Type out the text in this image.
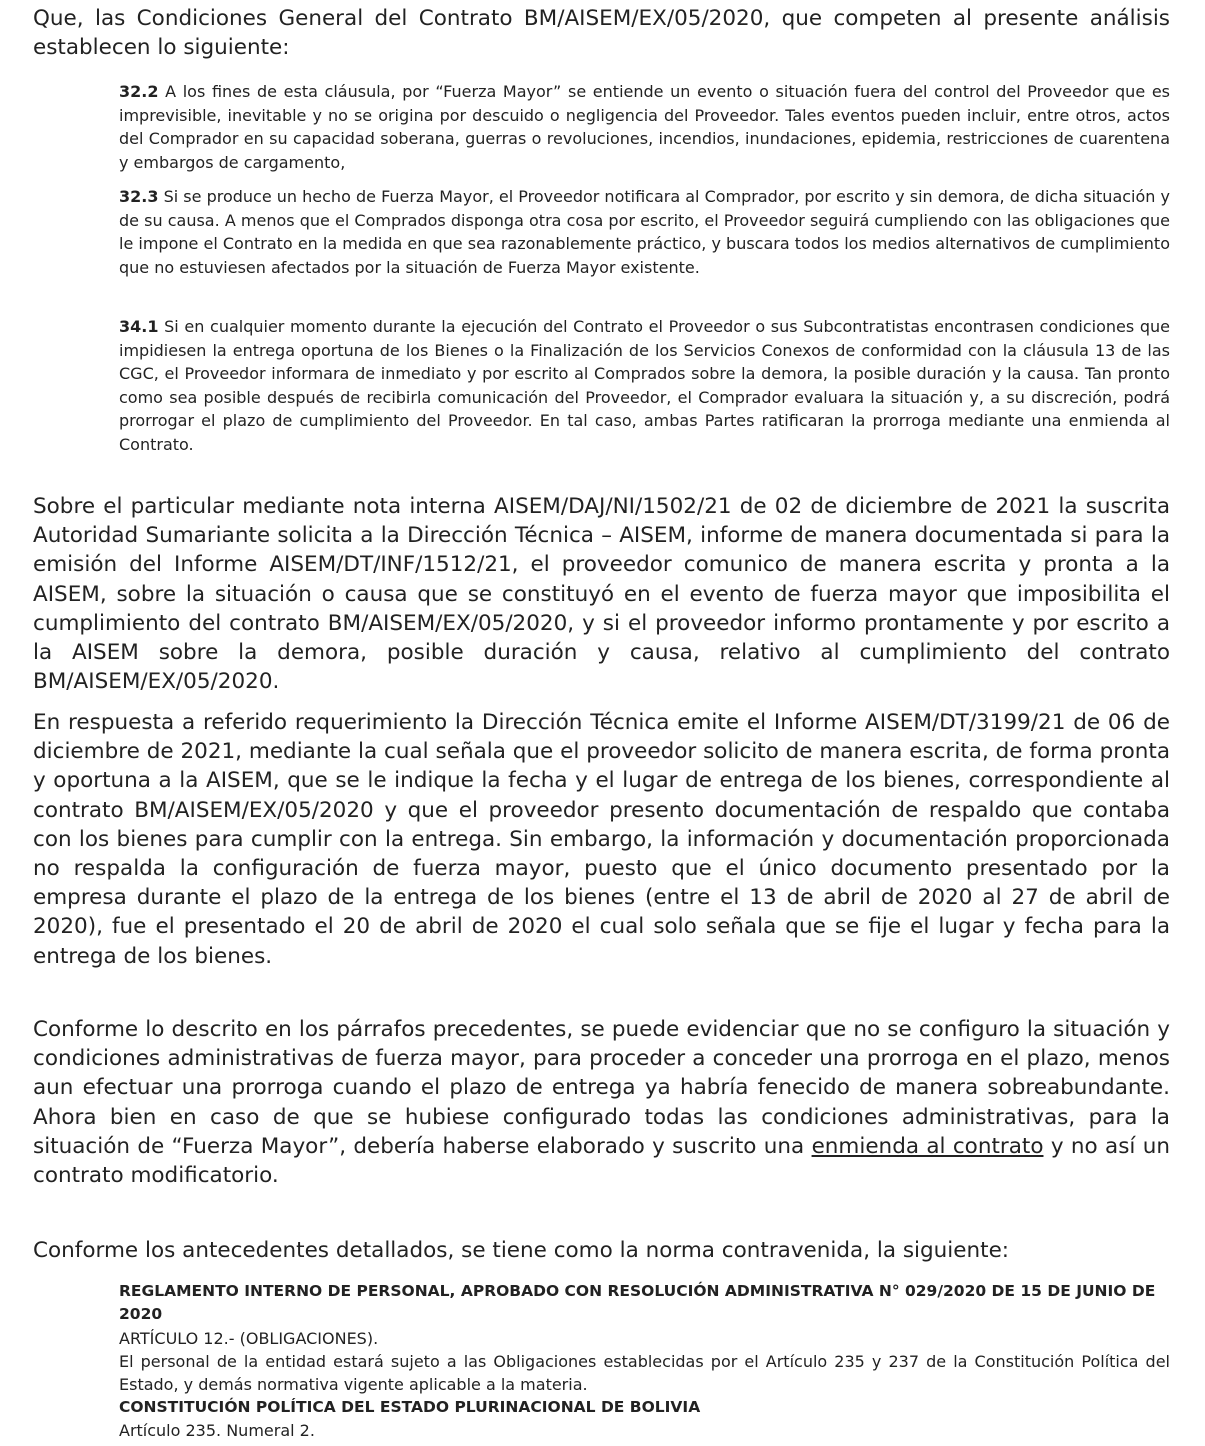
Que, las Condiciones General del Contrato BM/AISEM/EX/05/2020, que competen al presente análisis establecen lo siguiente:

32.2 A los fines de esta cláusula, por “Fuerza Mayor” se entiende un evento o situación fuera del control del Proveedor que es imprevisible, inevitable y no se origina por descuido o negligencia del Proveedor. Tales eventos pueden incluir, entre otros, actos del Comprador en su capacidad soberana, guerras o revoluciones, incendios, inundaciones, epidemia, restricciones de cuarentena y embargos de cargamento,

32.3 Si se produce un hecho de Fuerza Mayor, el Proveedor notificara al Comprador, por escrito y sin demora, de dicha situación y de su causa. A menos que el Comprados disponga otra cosa por escrito, el Proveedor seguirá cumpliendo con las obligaciones que le impone el Contrato en la medida en que sea razonablemente práctico, y buscara todos los medios alternativos de cumplimiento que no estuviesen afectados por la situación de Fuerza Mayor existente.

34.1 Si en cualquier momento durante la ejecución del Contrato el Proveedor o sus Subcontratistas encontrasen condiciones que impidiesen la entrega oportuna de los Bienes o la Finalización de los Servicios Conexos de conformidad con la cláusula 13 de las CGC, el Proveedor informara de inmediato y por escrito al Comprados sobre la demora, la posible duración y la causa. Tan pronto como sea posible después de recibirla comunicación del Proveedor, el Comprador evaluara la situación y, a su discreción, podrá prorrogar el plazo de cumplimiento del Proveedor. En tal caso, ambas Partes ratificaran la prorroga mediante una enmienda al Contrato.

Sobre el particular mediante nota interna AISEM/DAJ/NI/1502/21 de 02 de diciembre de 2021 la suscrita Autoridad Sumariante solicita a la Dirección Técnica – AISEM, informe de manera documentada si para la emisión del Informe AISEM/DT/INF/1512/21, el proveedor comunico de manera escrita y pronta a la AISEM, sobre la situación o causa que se constituyó en el evento de fuerza mayor que imposibilita el cumplimiento del contrato BM/AISEM/EX/05/2020, y si el proveedor informo prontamente y por escrito a la AISEM sobre la demora, posible duración y causa, relativo al cumplimiento del contrato BM/AISEM/EX/05/2020.

En respuesta a referido requerimiento la Dirección Técnica emite el Informe AISEM/DT/3199/21 de 06 de diciembre de 2021, mediante la cual señala que el proveedor solicito de manera escrita, de forma pronta y oportuna a la AISEM, que se le indique la fecha y el lugar de entrega de los bienes, correspondiente al contrato BM/AISEM/EX/05/2020 y que el proveedor presento documentación de respaldo que contaba con los bienes para cumplir con la entrega. Sin embargo, la información y documentación proporcionada no respalda la configuración de fuerza mayor, puesto que el único documento presentado por la empresa durante el plazo de la entrega de los bienes (entre el 13 de abril de 2020 al 27 de abril de 2020), fue el presentado el 20 de abril de 2020 el cual solo señala que se fije el lugar y fecha para la entrega de los bienes.

Conforme lo descrito en los párrafos precedentes, se puede evidenciar que no se configuro la situación y condiciones administrativas de fuerza mayor, para proceder a conceder una prorroga en el plazo, menos aun efectuar una prorroga cuando el plazo de entrega ya habría fenecido de manera sobreabundante. Ahora bien en caso de que se hubiese configurado todas las condiciones administrativas, para la situación de “Fuerza Mayor”, debería haberse elaborado y suscrito una enmienda al contrato y no así un contrato modificatorio.

Conforme los antecedentes detallados, se tiene como la norma contravenida, la siguiente:

REGLAMENTO INTERNO DE PERSONAL, APROBADO CON RESOLUCIÓN ADMINISTRATIVA N° 029/2020 DE 15 DE JUNIO DE 2020

ARTÍCULO 12.- (OBLIGACIONES).

El personal de la entidad estará sujeto a las Obligaciones establecidas por el Artículo 235 y 237 de la Constitución Política del Estado, y demás normativa vigente aplicable a la materia.

CONSTITUCIÓN POLÍTICA DEL ESTADO PLURINACIONAL DE BOLIVIA

Artículo 235. Numeral 2.
